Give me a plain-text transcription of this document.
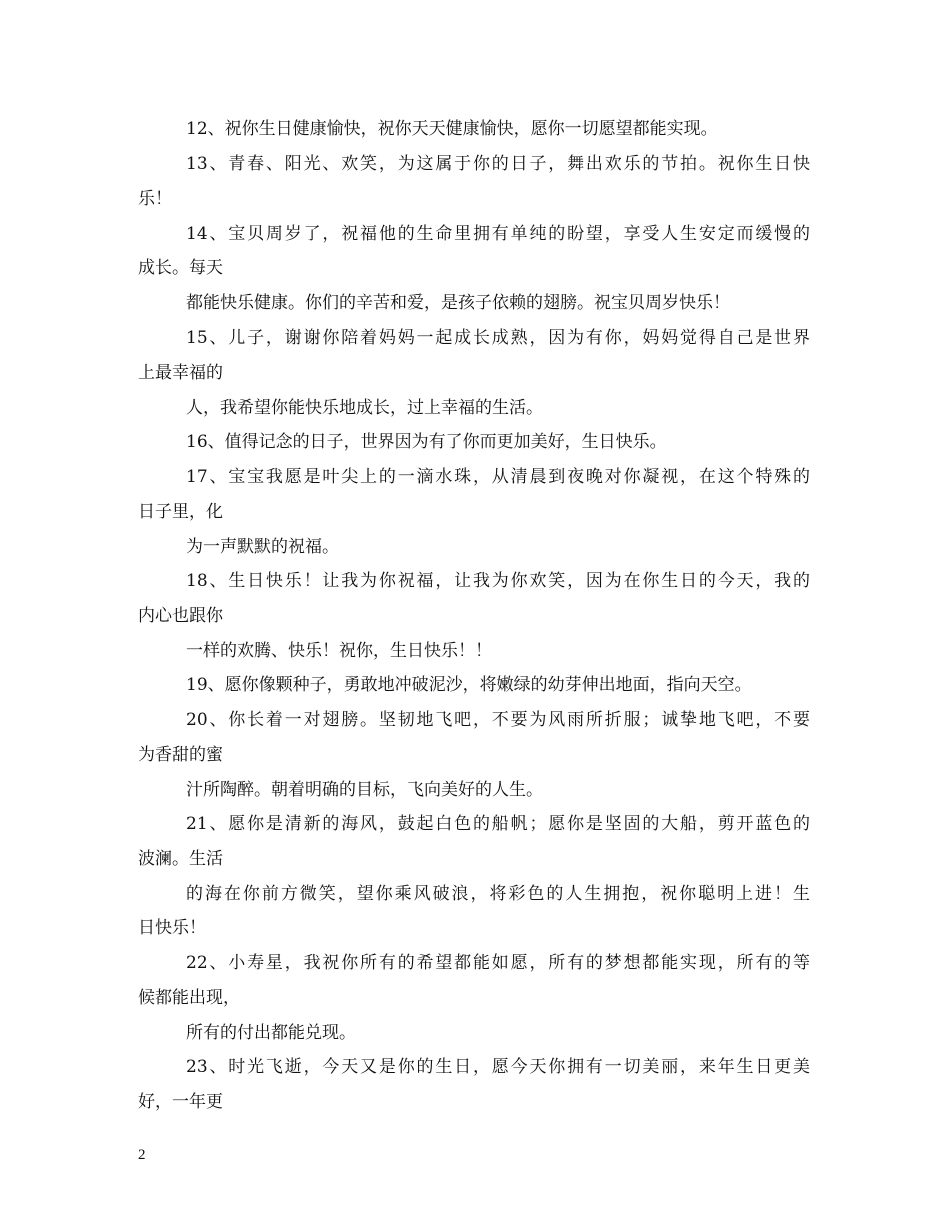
12、祝你生日健康愉快，祝你天天健康愉快，愿你一切愿望都能实现。
13、青春、阳光、欢笑，为这属于你的日子，舞出欢乐的节拍。祝你生日快
乐！
14、宝贝周岁了，祝福他的生命里拥有单纯的盼望，享受人生安定而缓慢的
成长。每天
都能快乐健康。你们的辛苦和爱，是孩子依赖的翅膀。祝宝贝周岁快乐！
15、儿子，谢谢你陪着妈妈一起成长成熟，因为有你，妈妈觉得自己是世界
上最幸福的
人，我希望你能快乐地成长，过上幸福的生活。
16、值得记念的日子，世界因为有了你而更加美好，生日快乐。
17、宝宝我愿是叶尖上的一滴水珠，从清晨到夜晚对你凝视，在这个特殊的
日子里，化
为一声默默的祝福。
18、生日快乐！让我为你祝福，让我为你欢笑，因为在你生日的今天，我的
内心也跟你
一样的欢腾、快乐！祝你，生日快乐！！
19、愿你像颗种子，勇敢地冲破泥沙，将嫩绿的幼芽伸出地面，指向天空。
20、你长着一对翅膀。坚韧地飞吧，不要为风雨所折服；诚挚地飞吧，不要
为香甜的蜜
汁所陶醉。朝着明确的目标，飞向美好的人生。
21、愿你是清新的海风，鼓起白色的船帆；愿你是坚固的大船，剪开蓝色的
波澜。生活
的海在你前方微笑，望你乘风破浪，将彩色的人生拥抱，祝你聪明上进！生
日快乐！
22、小寿星，我祝你所有的希望都能如愿，所有的梦想都能实现，所有的等
候都能出现，
所有的付出都能兑现。
23、时光飞逝，今天又是你的生日，愿今天你拥有一切美丽，来年生日更美
好，一年更
2
